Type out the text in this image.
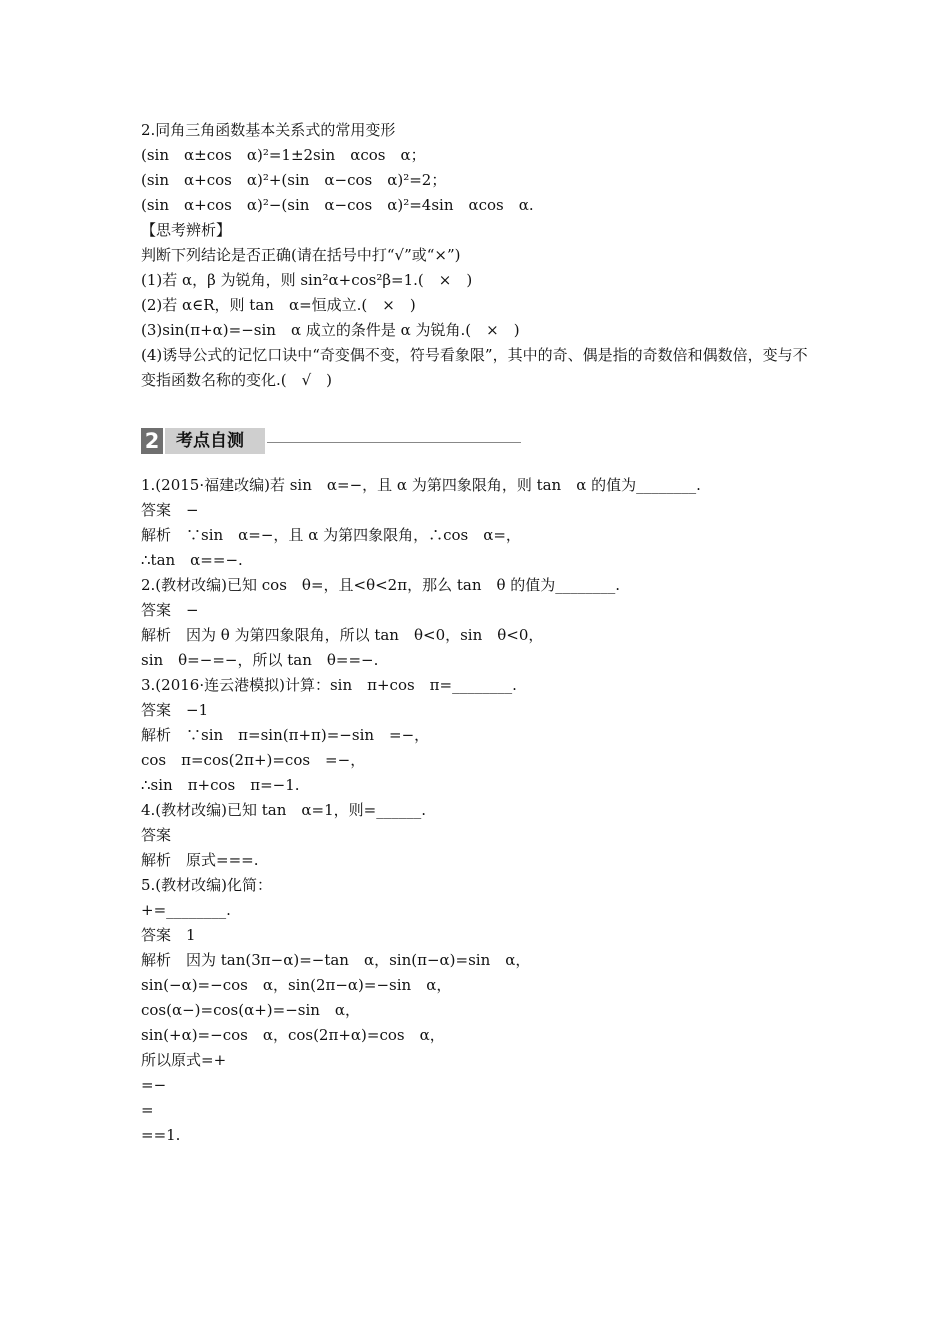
2.同角三角函数基本关系式的常用变形
(sin　α±cos　α)²=1±2sin　αcos　α；
(sin　α+cos　α)²+(sin　α−cos　α)²=2；
(sin　α+cos　α)²−(sin　α−cos　α)²=4sin　αcos　α.
【思考辨析】
判断下列结论是否正确(请在括号中打“√”或“×”)
(1)若 α，β 为锐角，则 sin²α+cos²β=1.(　×　)
(2)若 α∈R，则 tan　α=恒成立.(　×　)
(3)sin(π+α)=−sin　α 成立的条件是 α 为锐角.(　×　)
(4)诱导公式的记忆口诀中“奇变偶不变，符号看象限”，其中的奇、偶是指的奇数倍和偶数倍，变与不变指函数名称的变化.(　√　)
2 考点自测
1.(2015·福建改编)若 sin　α=−，且 α 为第四象限角，则 tan　α 的值为________.
答案　−
解析　∵sin　α=−，且 α 为第四象限角，∴cos　α=，
∴tan　α==−.
2.(教材改编)已知 cos　θ=，且<θ<2π，那么 tan　θ 的值为________.
答案　−
解析　因为 θ 为第四象限角，所以 tan　θ<0，sin　θ<0，
sin　θ=−=−，所以 tan　θ==−.
3.(2016·连云港模拟)计算：sin　π+cos　π=________.
答案　−1
解析　∵sin　π=sin(π+π)=−sin　=−，
cos　π=cos(2π+)=cos　=−，
∴sin　π+cos　π=−1.
4.(教材改编)已知 tan　α=1，则=______.
答案
解析　原式===.
5.(教材改编)化简：
+=________.
答案　1
解析　因为 tan(3π−α)=−tan　α，sin(π−α)=sin　α，
sin(−α)=−cos　α，sin(2π−α)=−sin　α，
cos(α−)=cos(α+)=−sin　α，
sin(+α)=−cos　α，cos(2π+α)=cos　α，
所以原式=+
=−
=
==1.
